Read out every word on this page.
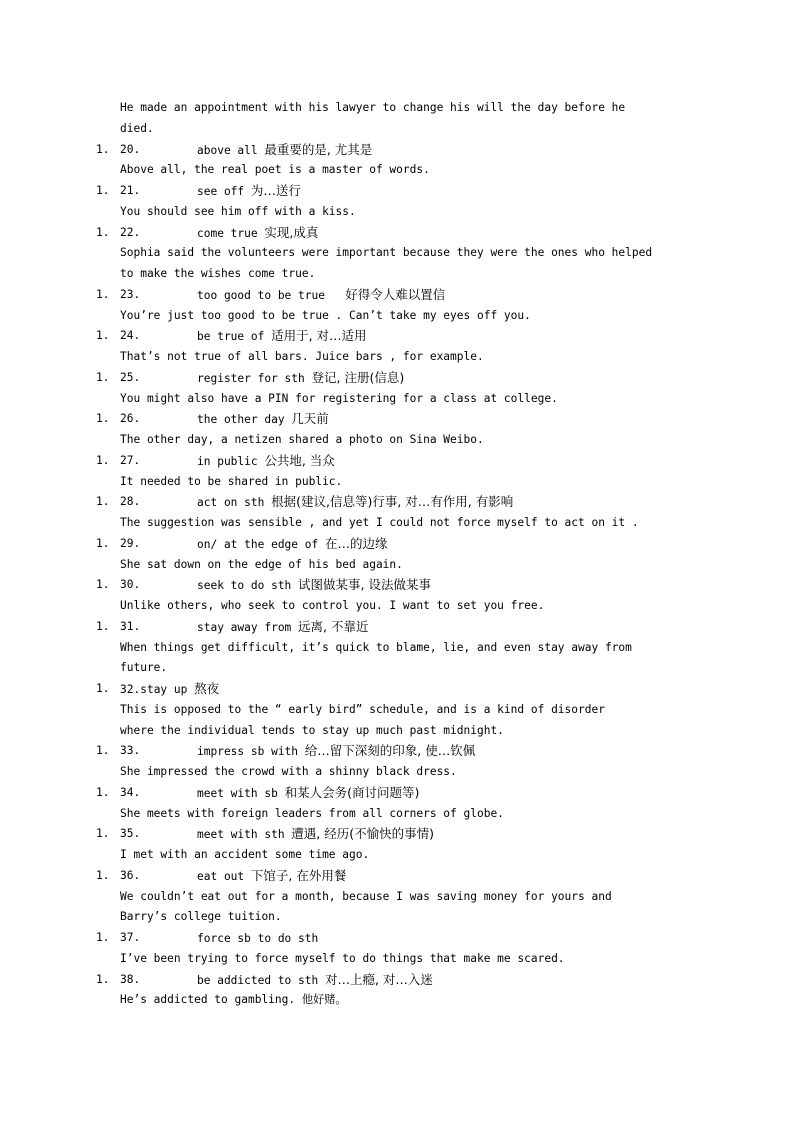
He made an appointment with his lawyer to change his will the day before he
died.
1. 20.	above all 最重要的是, 尤其是
Above all, the real poet is a master of words.
1. 21.	see off 为…送行
You should see him off with a kiss.
1. 22.	come true 实现,成真
Sophia said the volunteers were important because they were the ones who helped
to make the wishes come true.
1. 23.	too good to be true   好得令人难以置信
You’re just too good to be true . Can’t take my eyes off you.
1. 24.	be true of 适用于, 对…适用
That’s not true of all bars. Juice bars , for example.
1. 25.	register for sth 登记, 注册(信息)
You might also have a PIN for registering for a class at college.
1. 26.	the other day 几天前
The other day, a netizen shared a photo on Sina Weibo.
1. 27.	in public 公共地, 当众
It needed to be shared in public.
1. 28.	act on sth 根据(建议,信息等)行事, 对…有作用, 有影响
The suggestion was sensible , and yet I could not force myself to act on it .
1. 29.	on/ at the edge of 在…的边缘
She sat down on the edge of his bed again.
1. 30.	seek to do sth 试图做某事, 设法做某事
Unlike others, who seek to control you. I want to set you free.
1. 31.	stay away from 远离, 不靠近
When things get difficult, it’s quick to blame, lie, and even stay away from
future.
1. 32.stay up 熬夜
This is opposed to the “ early bird” schedule, and is a kind of disorder
where the individual tends to stay up much past midnight.
1. 33.	impress sb with 给…留下深刻的印象, 使…钦佩
She impressed the crowd with a shinny black dress.
1. 34.	meet with sb 和某人会务(商讨问题等)
She meets with foreign leaders from all corners of globe.
1. 35.	meet with sth 遭遇, 经历(不愉快的事情)
I met with an accident some time ago.
1. 36.	eat out 下馆子, 在外用餐
We couldn’t eat out for a month, because I was saving money for yours and
Barry’s college tuition.
1. 37.	force sb to do sth
I’ve been trying to force myself to do things that make me scared.
1. 38.	be addicted to sth 对…上瘾, 对…入迷
He’s addicted to gambling. 他好赌。
